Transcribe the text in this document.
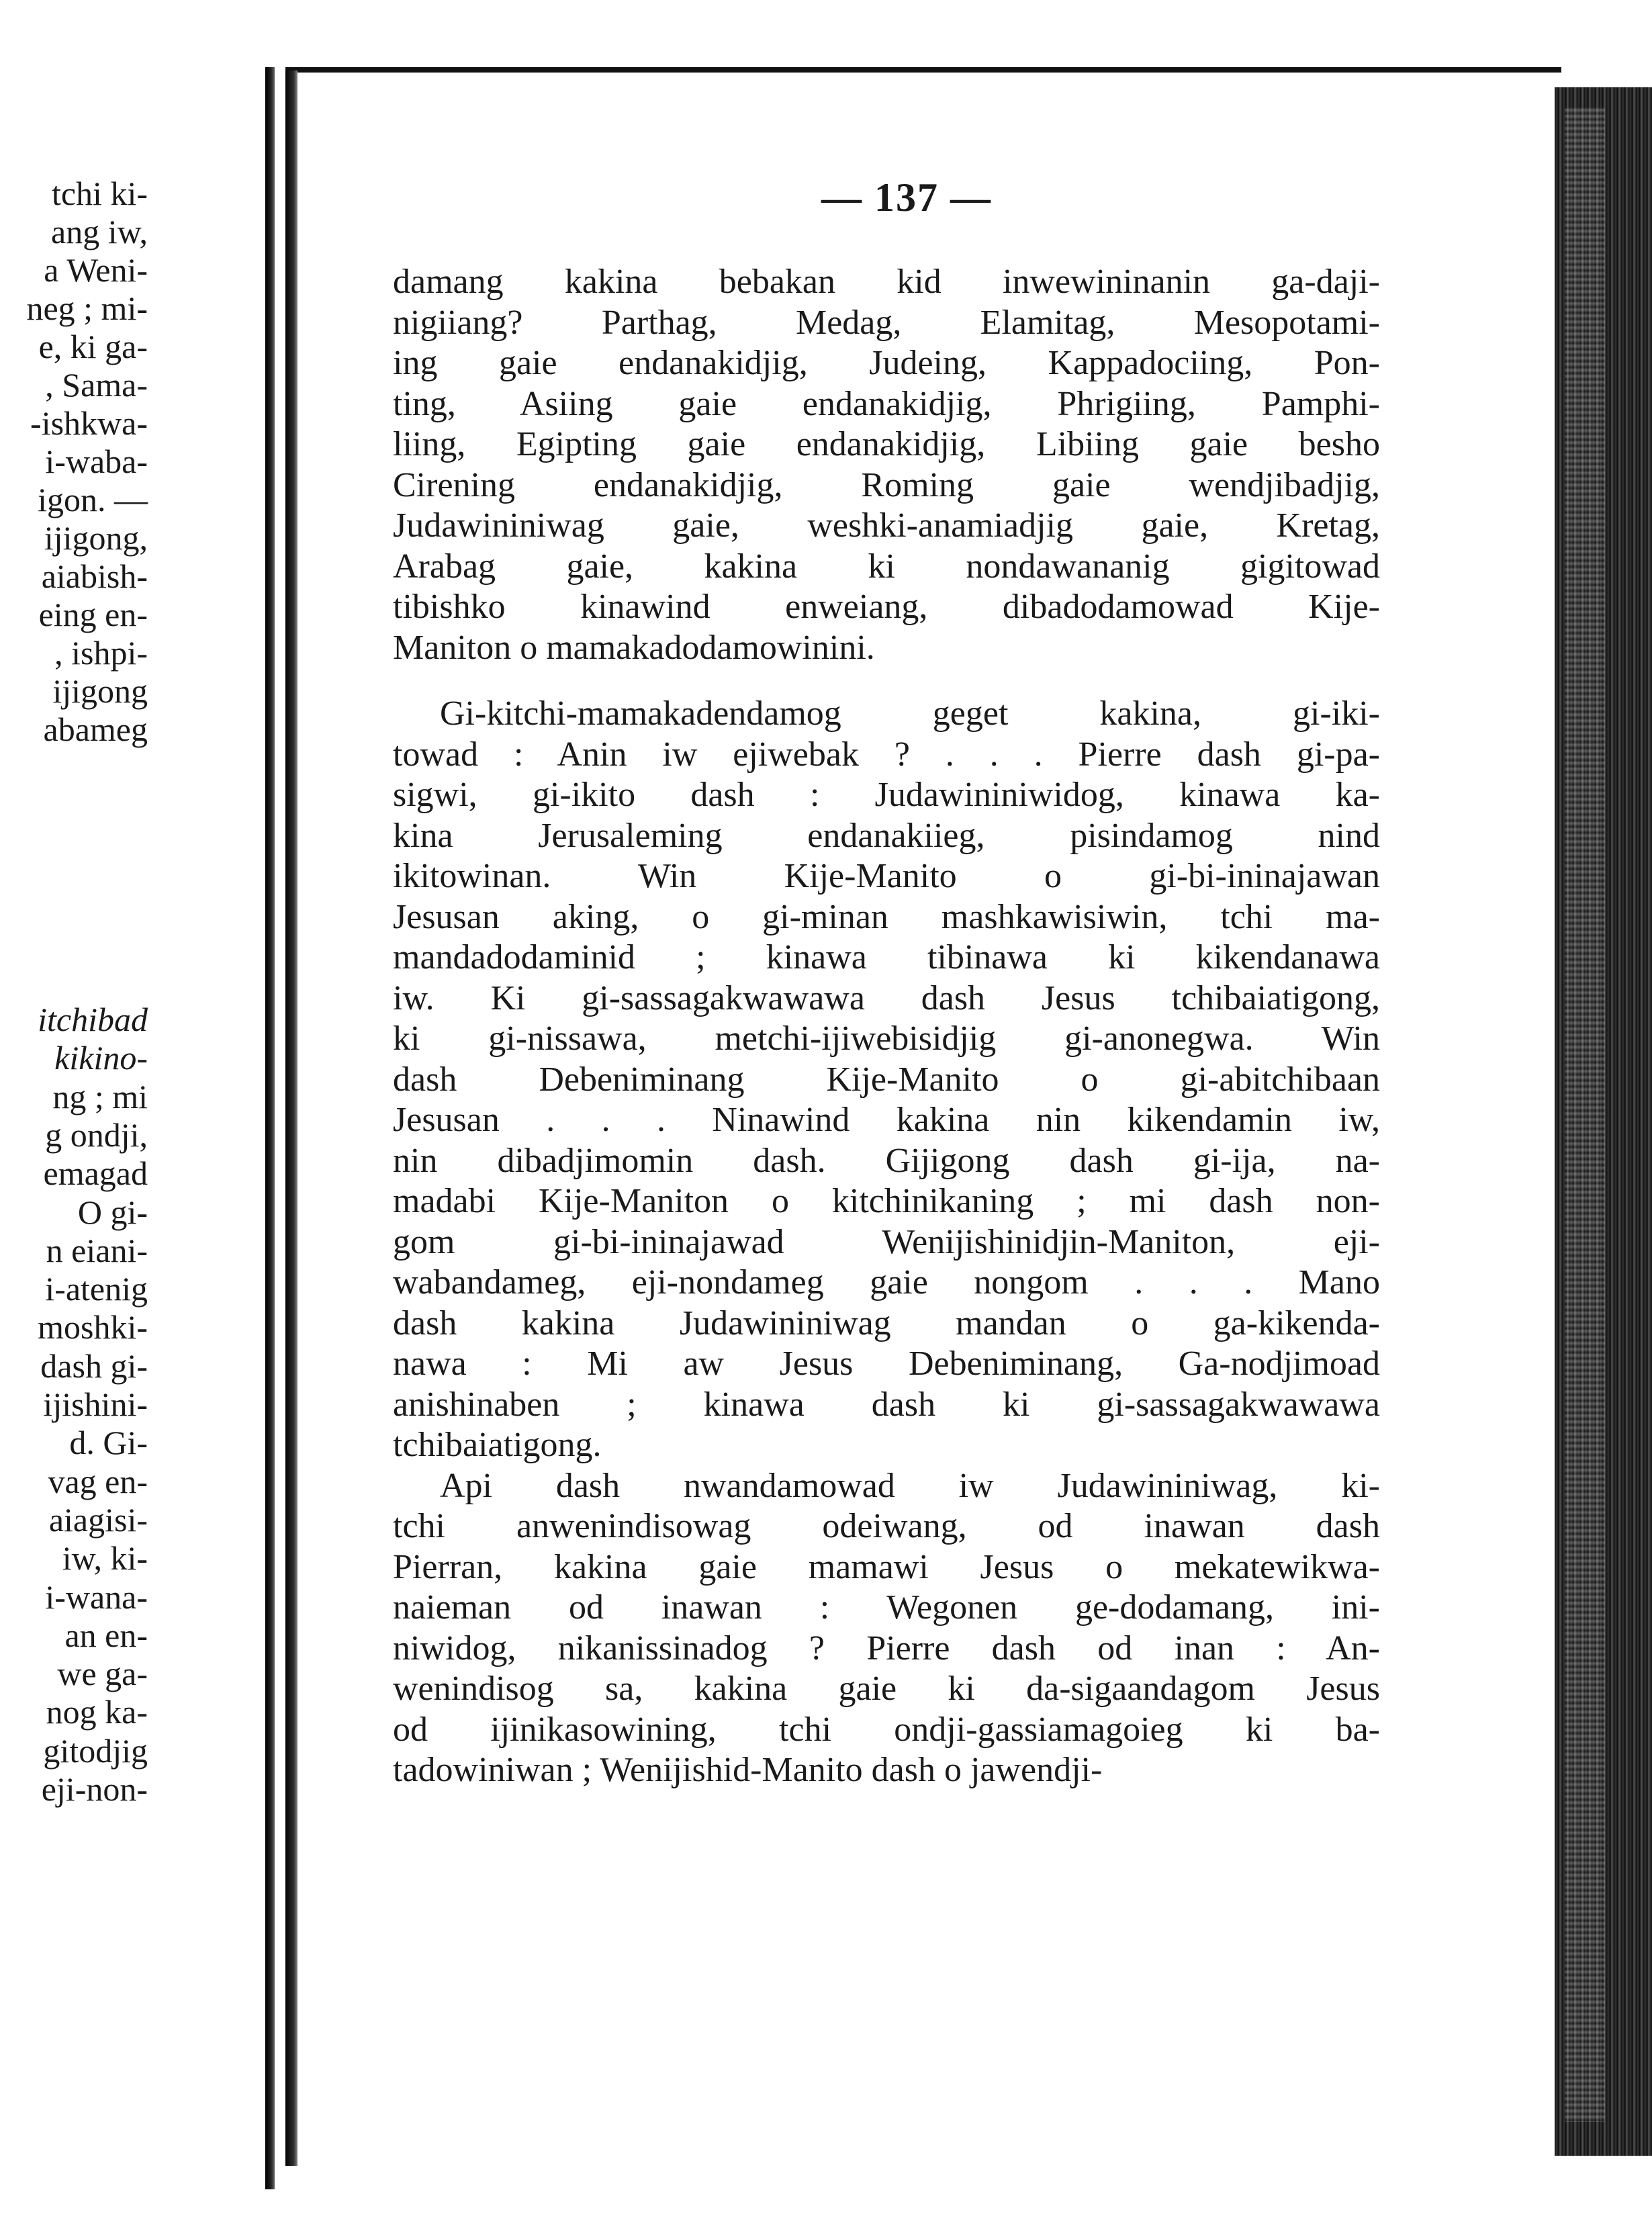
tchi ki-
ang iw,
a Weni-
neg ; mi-
e, ki ga-
, Sama-
-ishkwa-
i-waba-
igon. —
ijigong,
aiabish-
eing en-
, ishpi-
ijigong
abameg
itchibad
kikino-
ng ; mi
g ondji,
emagad
O gi-
n eiani-
i-atenig
moshki-
dash gi-
ijishini-
d. Gi-
vag en-
aiagisi-
iw, ki-
i-wana-
an en-
we ga-
nog ka-
gitodjig
eji-non-
— 137 —
damang kakina bebakan kid inwewininanin ga-daji-
nigiiang? Parthag, Medag, Elamitag, Mesopotami-
ing gaie endanakidjig, Judeing, Kappadociing, Pon-
ting, Asiing gaie endanakidjig, Phrigiing, Pamphi-
liing, Egipting gaie endanakidjig, Libiing gaie besho
Cirening endanakidjig, Roming gaie wendjibadjig,
Judawininiwag gaie, weshki-anamiadjig gaie, Kretag,
Arabag gaie, kakina ki nondawananig gigitowad
tibishko kinawind enweiang, dibadodamowad Kije-
Maniton o mamakadodamowinini.
Gi-kitchi-mamakadendamog geget kakina, gi-iki-
towad : Anin iw ejiwebak ? . . . Pierre dash gi-pa-
sigwi, gi-ikito dash : Judawininiwidog, kinawa ka-
kina Jerusaleming endanakiieg, pisindamog nind
ikitowinan. Win Kije-Manito o gi-bi-ininajawan
Jesusan aking, o gi-minan mashkawisiwin, tchi ma-
mandadodaminid ; kinawa tibinawa ki kikendanawa
iw. Ki gi-sassagakwawawa dash Jesus tchibaiatigong,
ki gi-nissawa, metchi-ijiwebisidjig gi-anonegwa. Win
dash Debeniminang Kije-Manito o gi-abitchibaan
Jesusan . . . Ninawind kakina nin kikendamin iw,
nin dibadjimomin dash. Gijigong dash gi-ija, na-
madabi Kije-Maniton o kitchinikaning ; mi dash non-
gom gi-bi-ininajawad Wenijishinidjin-Maniton, eji-
wabandameg, eji-nondameg gaie nongom . . . Mano
dash kakina Judawininiwag mandan o ga-kikenda-
nawa : Mi aw Jesus Debeniminang, Ga-nodjimoad
anishinaben ; kinawa dash ki gi-sassagakwawawa
tchibaiatigong.
Api dash nwandamowad iw Judawininiwag, ki-
tchi anwenindisowag odeiwang, od inawan dash
Pierran, kakina gaie mamawi Jesus o mekatewikwa-
naieman od inawan : Wegonen ge-dodamang, ini-
niwidog, nikanissinadog ? Pierre dash od inan : An-
wenindisog sa, kakina gaie ki da-sigaandagom Jesus
od ijinikasowining, tchi ondji-gassiamagoieg ki ba-
tadowiniwan ; Wenijishid-Manito dash o jawendji-
